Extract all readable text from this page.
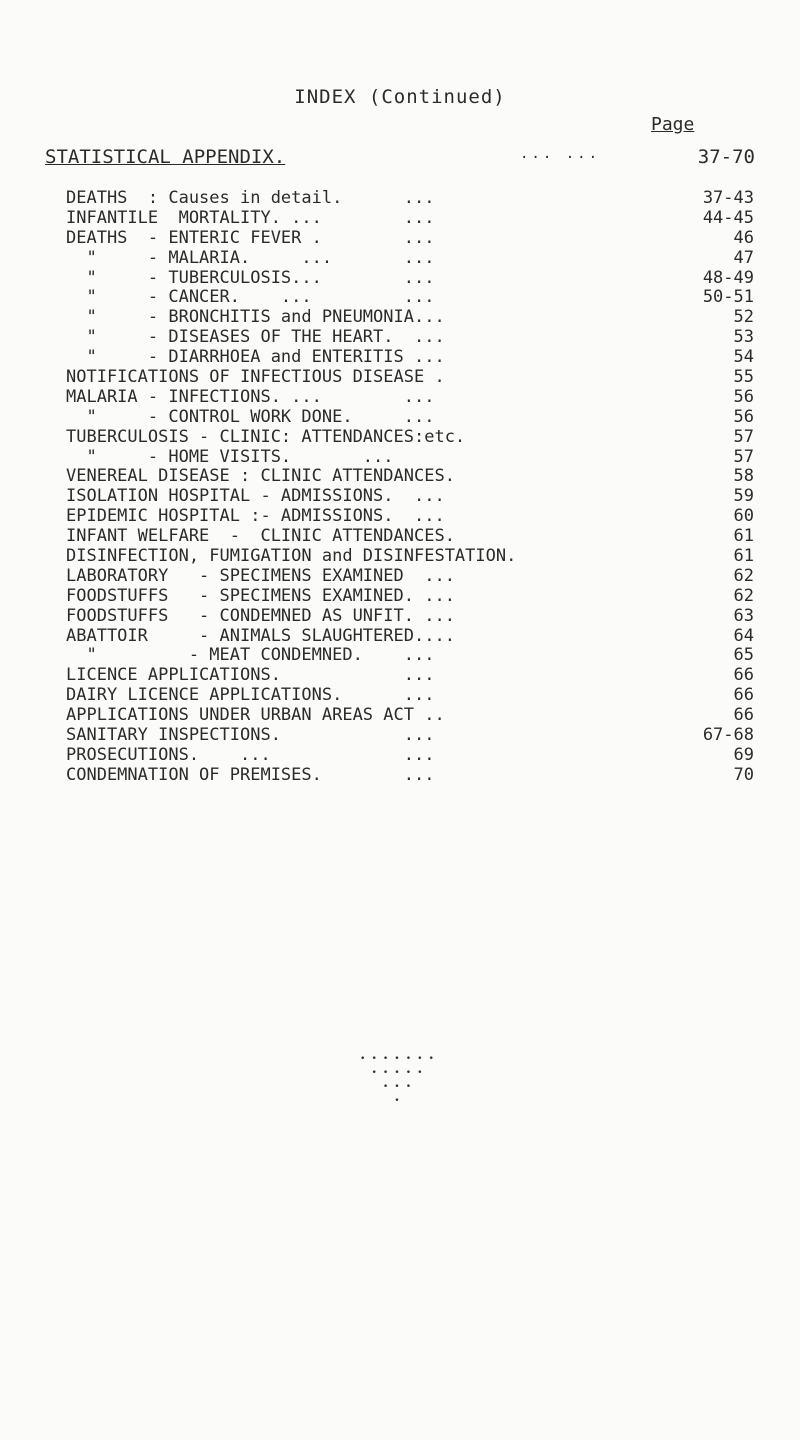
INDEX (Continued)
Page
STATISTICAL APPENDIX.	... ...	37-70
DEATHS  : Causes in detail.      ...	37-43
INFANTILE  MORTALITY. ...        ...	44-45
DEATHS  - ENTERIC FEVER .        ...	46
"     - MALARIA.     ...       ...	47
"     - TUBERCULOSIS...        ...	48-49
"     - CANCER.    ...         ...	50-51
"     - BRONCHITIS and PNEUMONIA...	52
"     - DISEASES OF THE HEART.  ...	53
"     - DIARRHOEA and ENTERITIS ...	54
NOTIFICATIONS OF INFECTIOUS DISEASE .	55
MALARIA - INFECTIONS. ...        ...	56
"     - CONTROL WORK DONE.     ...	56
TUBERCULOSIS - CLINIC: ATTENDANCES:etc.	57
"     - HOME VISITS.       ...	57
VENEREAL DISEASE : CLINIC ATTENDANCES.	58
ISOLATION HOSPITAL - ADMISSIONS.  ...	59
EPIDEMIC HOSPITAL :- ADMISSIONS.  ...	60
INFANT WELFARE  -  CLINIC ATTENDANCES.	61
DISINFECTION, FUMIGATION and DISINFESTATION.	61
LABORATORY   - SPECIMENS EXAMINED  ...	62
FOODSTUFFS   - SPECIMENS EXAMINED. ...	62
FOODSTUFFS   - CONDEMNED AS UNFIT. ...	63
ABATTOIR     - ANIMALS SLAUGHTERED....	64
"         - MEAT CONDEMNED.    ...	65
LICENCE APPLICATIONS.            ...	66
DAIRY LICENCE APPLICATIONS.      ...	66
APPLICATIONS UNDER URBAN AREAS ACT ..	66
SANITARY INSPECTIONS.            ...	67-68
PROSECUTIONS.    ...             ...	69
CONDEMNATION OF PREMISES.        ...	70
•••••••
•••••
•••
•
